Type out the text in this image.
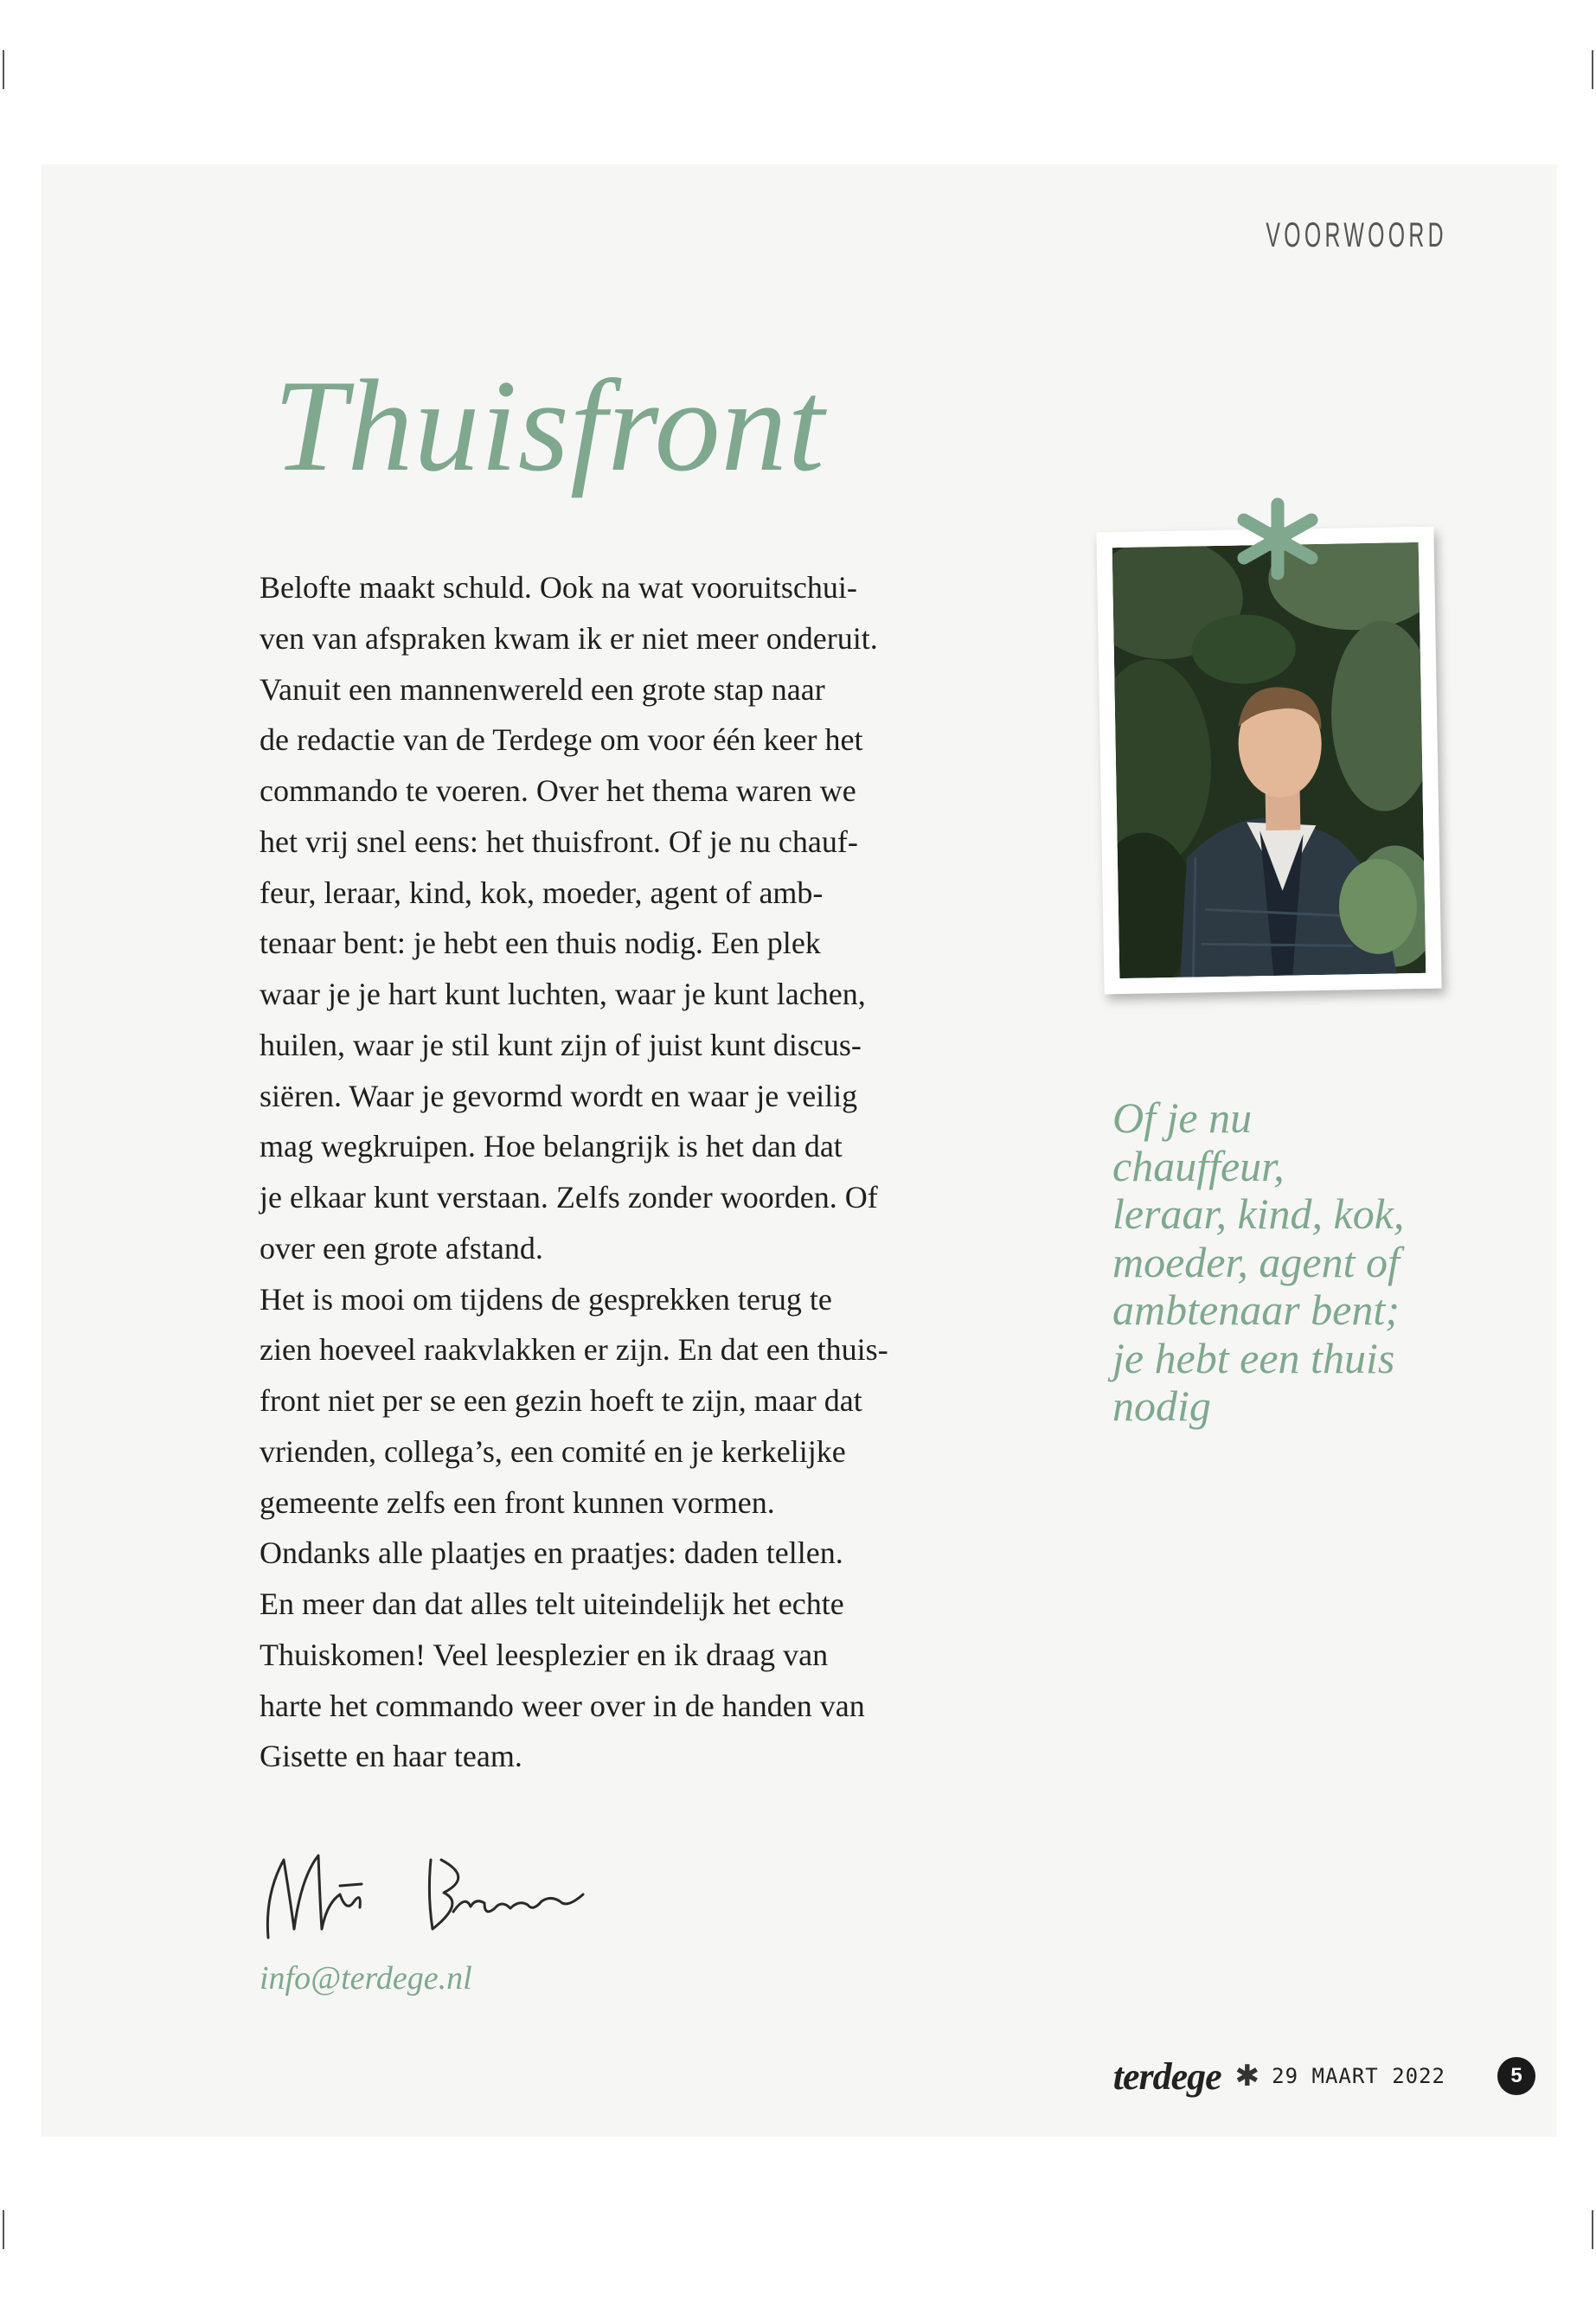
VOORWOORD
Thuisfront
Belofte maakt schuld. Ook na wat vooruitschui-
ven van afspraken kwam ik er niet meer onderuit.
Vanuit een mannenwereld een grote stap naar
de redactie van de Terdege om voor één keer het
commando te voeren. Over het thema waren we
het vrij snel eens: het thuisfront. Of je nu chauf-
feur, leraar, kind, kok, moeder, agent of amb-
tenaar bent: je hebt een thuis nodig. Een plek
waar je je hart kunt luchten, waar je kunt lachen,
huilen, waar je stil kunt zijn of juist kunt discus-
siëren. Waar je gevormd wordt en waar je veilig
mag wegkruipen. Hoe belangrijk is het dan dat
je elkaar kunt verstaan. Zelfs zonder woorden. Of
over een grote afstand.
Het is mooi om tijdens de gesprekken terug te
zien hoeveel raakvlakken er zijn. En dat een thuis-
front niet per se een gezin hoeft te zijn, maar dat
vrienden, collega’s, een comité en je kerkelijke
gemeente zelfs een front kunnen vormen.
Ondanks alle plaatjes en praatjes: daden tellen.
En meer dan dat alles telt uiteindelijk het echte
Thuiskomen! Veel leesplezier en ik draag van
harte het commando weer over in de handen van
Gisette en haar team.
Of je nu
chauffeur,
leraar, kind, kok,
moeder, agent of
ambtenaar bent;
je hebt een thuis
nodig
info@terdege.nl
terdege ✱ 29 MAART 2022	5
